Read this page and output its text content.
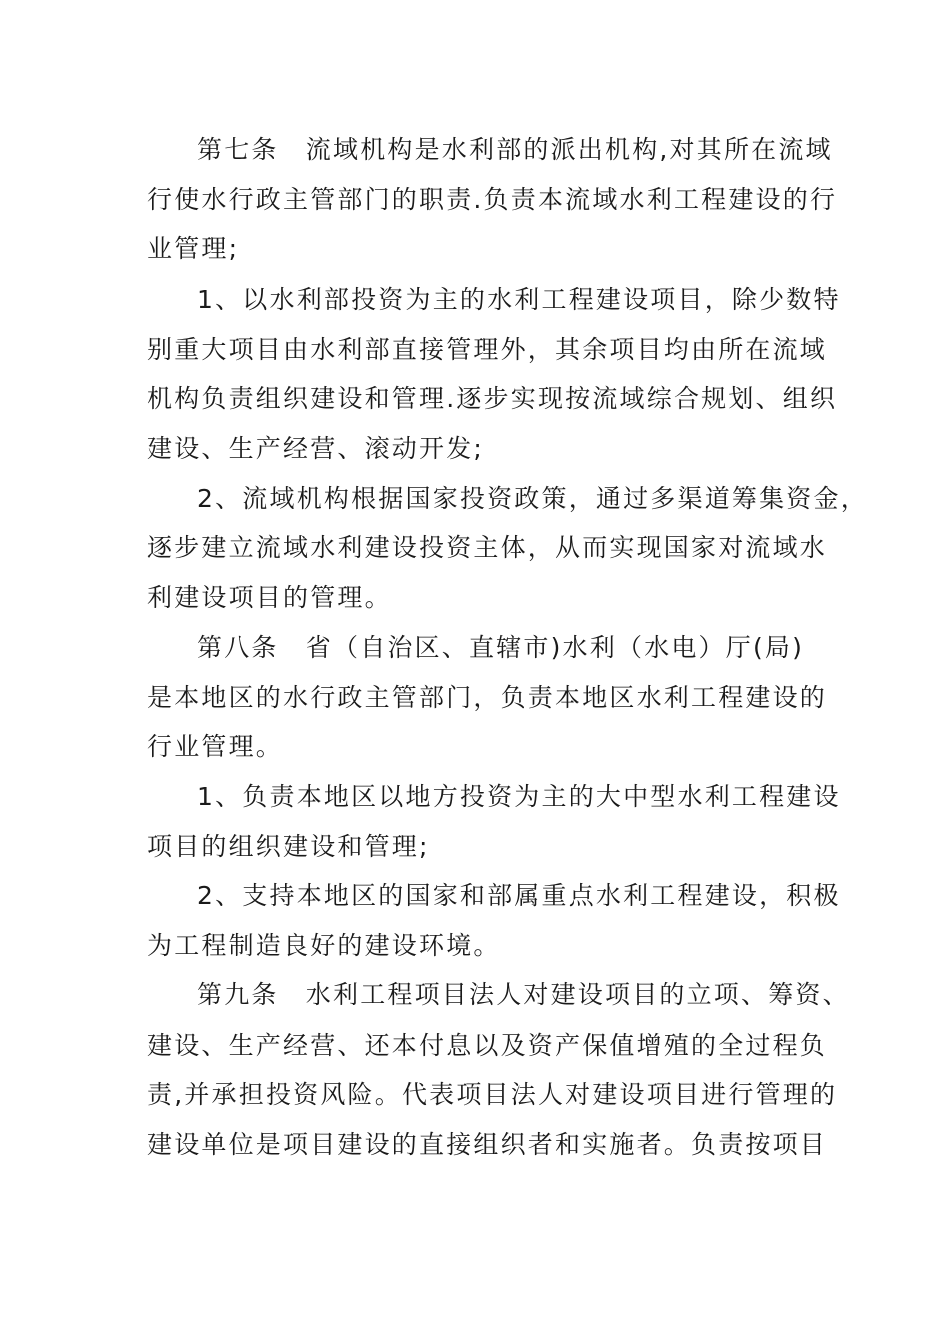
第七条　流域机构是水利部的派出机构,对其所在流域
行使水行政主管部门的职责.负责本流域水利工程建设的行
业管理;
1、以水利部投资为主的水利工程建设项目，除少数特
别重大项目由水利部直接管理外，其余项目均由所在流域
机构负责组织建设和管理.逐步实现按流域综合规划、组织
建设、生产经营、滚动开发;
2、流域机构根据国家投资政策，通过多渠道筹集资金，
逐步建立流域水利建设投资主体，从而实现国家对流域水
利建设项目的管理。
第八条　省（自治区、直辖市)水利（水电）厅(局)
是本地区的水行政主管部门，负责本地区水利工程建设的
行业管理。
1、负责本地区以地方投资为主的大中型水利工程建设
项目的组织建设和管理;
2、支持本地区的国家和部属重点水利工程建设，积极
为工程制造良好的建设环境。
第九条　水利工程项目法人对建设项目的立项、筹资、
建设、生产经营、还本付息以及资产保值增殖的全过程负
责,并承担投资风险。代表项目法人对建设项目进行管理的
建设单位是项目建设的直接组织者和实施者。负责按项目
